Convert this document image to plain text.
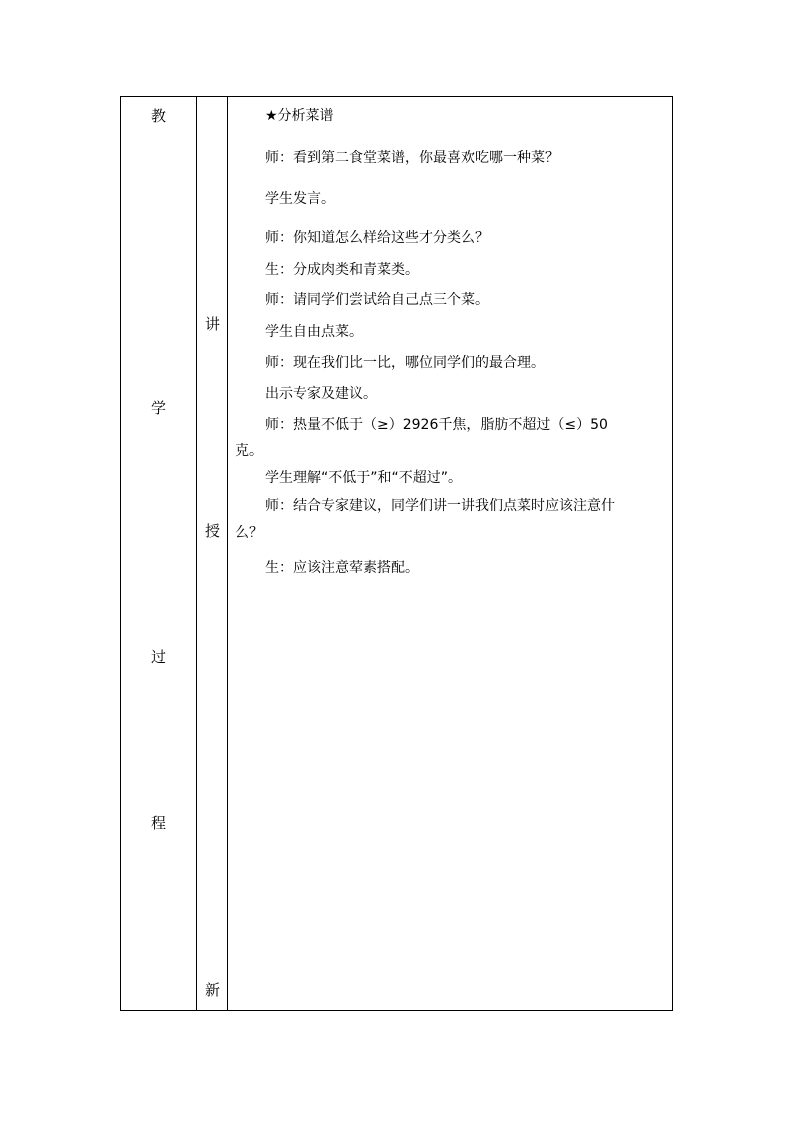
教
学
过
程
讲
授
新
★分析菜谱
师：看到第二食堂菜谱，你最喜欢吃哪一种菜？
学生发言。
师：你知道怎么样给这些才分类么？
生：分成肉类和青菜类。
师：请同学们尝试给自己点三个菜。
学生自由点菜。
师：现在我们比一比，哪位同学们的最合理。
出示专家及建议。
师：热量不低于（≥）2926千焦，脂肪不超过（≤）50
克。
学生理解“不低于”和“不超过”。
师：结合专家建议，同学们讲一讲我们点菜时应该注意什
么？
生：应该注意荤素搭配。
